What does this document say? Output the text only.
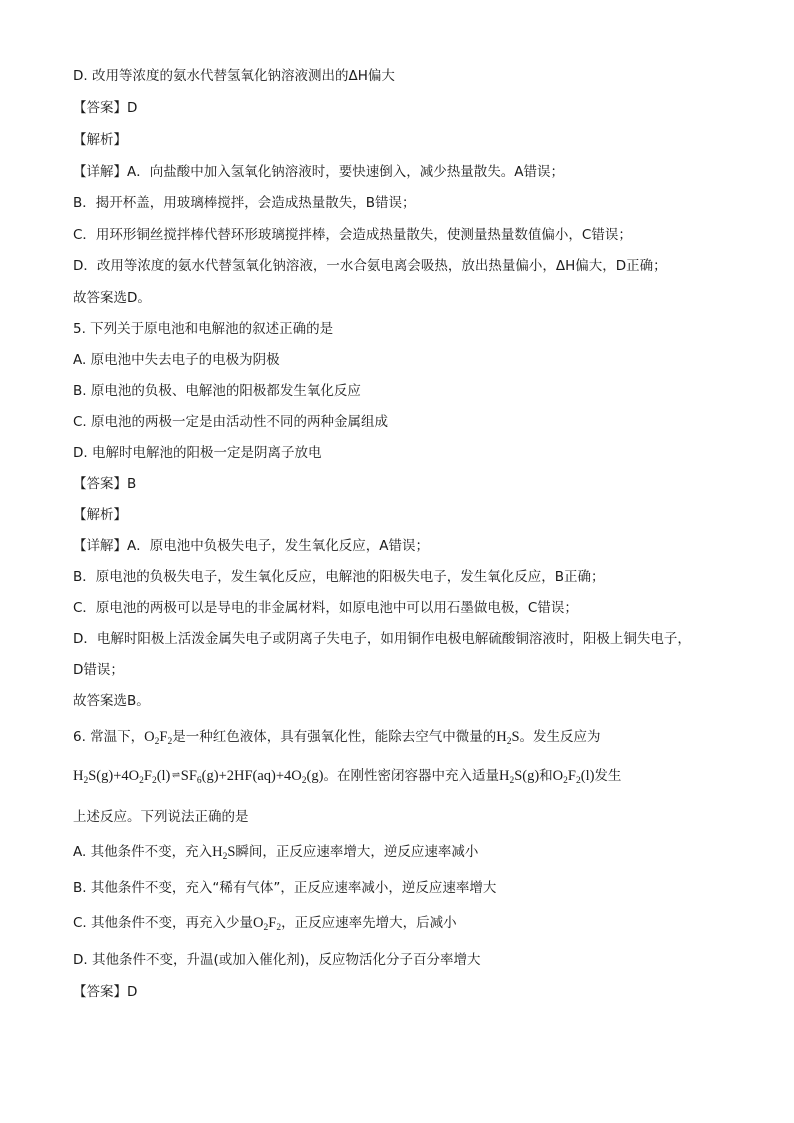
D. 改用等浓度的氨水代替氢氧化钠溶液测出的ΔH偏大
【答案】D
【解析】
【详解】A．向盐酸中加入氢氧化钠溶液时，要快速倒入，减少热量散失。A错误；
B．揭开杯盖，用玻璃棒搅拌，会造成热量散失，B错误；
C．用环形铜丝搅拌棒代替环形玻璃搅拌棒，会造成热量散失，使测量热量数值偏小，C错误；
D．改用等浓度的氨水代替氢氧化钠溶液，一水合氨电离会吸热，放出热量偏小，ΔH偏大，D正确；
故答案选D。
5. 下列关于原电池和电解池的叙述正确的是
A. 原电池中失去电子的电极为阴极
B. 原电池的负极、电解池的阳极都发生氧化反应
C. 原电池的两极一定是由活动性不同的两种金属组成
D. 电解时电解池的阳极一定是阴离子放电
【答案】B
【解析】
【详解】A．原电池中负极失电子，发生氧化反应，A错误；
B．原电池的负极失电子，发生氧化反应，电解池的阳极失电子，发生氧化反应，B正确；
C．原电池的两极可以是导电的非金属材料，如原电池中可以用石墨做电极，C错误；
D．电解时阳极上活泼金属失电子或阴离子失电子，如用铜作电极电解硫酸铜溶液时，阳极上铜失电子，
D错误；
故答案选B。
6. 常温下，$O_2F_2$是一种红色液体，具有强氧化性，能除去空气中微量的$H_2S$。发生反应为
$H_2S(g)+4O_2F_2(l)$ ⇌ $SF_6(g)+2HF(aq)+4O_2(g)$。在刚性密闭容器中充入适量$H_2S(g)$和$O_2F_2(l)$发生
上述反应。下列说法正确的是
A. 其他条件不变，充入$H_2S$瞬间，正反应速率增大，逆反应速率减小
B. 其他条件不变，充入“稀有气体”，正反应速率减小，逆反应速率增大
C. 其他条件不变，再充入少量$O_2F_2$，正反应速率先增大，后减小
D. 其他条件不变，升温(或加入催化剂)，反应物活化分子百分率增大
【答案】D
